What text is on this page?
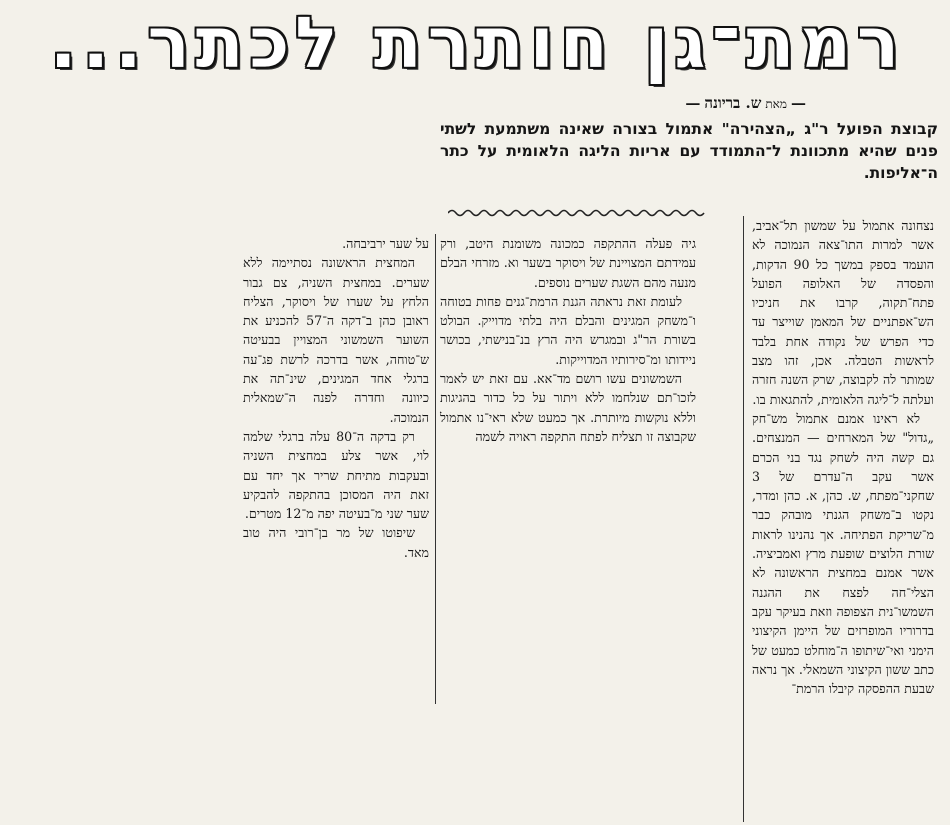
רמת־גן חותרת לכתר...
—מאתש. בריונה—

קבוצת הפועל ר"ג „הצהירה" אתמול בצורה שאינה משתמעת לשתי פנים שהיא מתכוונת ל־התמודד עם אריות הליגה הלאומית על כתר ה־אליפות.

נצחונה אתמול על שמשון תל־אביב, אשר למרות התו־צאה הנמוכה לא הועמד בספק במשך כל 90 הדקות, והפסדה של האלופה הפועל פתח־תקוה, קרבו את חניכיו הש־אפתניים של המאמן שוייצר עד כדי הפרש של נקודה אחת בלבד לראשות הטבלה. אכן, זהו מצב שמותר לה לקבוצה, שרק השנה חזרה ועלתה ל־ליגה הלאומית, להתגאות בו.

לא ראינו אמנם אתמול מש־חק „גדול" של המארחים — המנצחים. גם קשה היה לשחק נגד בני הכרם אשר עקב ה־עדרם של 3 שחקני־מפתח, ש. כהן, א. כהן ומדר, נקטו ב־משחק הגנתי מובהק כבר מ־שריקת הפתיחה. אך נהנינו לראות שורת הלוצים שופעת מרץ ואמביציה. אשר אמנם במחצית הראשונה לא הצלי־חה לפצח את ההגנה השמשו־נית הצפופה וזאת בעיקר עקב בדרוריו המופרזים של היימן הקיצוני הימני ואי־שיתופו ה־מוחלט כמעט של כתב ששון הקיצוני השמאלי. אך נראה שבעת ההפסקה קיבלו הרמת־

גיה פעלה ההתקפה כמכונה משומנת היטב, ורק עמידתם המצויינת של ויסוקר בשער וא. מזרחי הבלם מנעה מהם השגת שערים נוספים.

לעומת זאת נראתה הגנת הרמת־גנים פחות בטוחה ו־משחק המגינים והבלם היה בלתי מדוייק. הבולט בשורת הר"ג ובמגרש היה הרץ בנ־בנישתי, בכושר ניידותו ומ־סירותיו המדוייקות.

השמשונים עשו רושם מד־אא. עם זאת יש לאמר לזכו־תם שנלחמו ללא ויתור על כל כדור בהגיגות וללא נוקשות מיותרת. אך כמעט שלא ראי־נו אתמול שקבוצה זו תצליח לפתח התקפה ראויה לשמה

על שער ירביבחה.

המחצית הראשונה נסתיימה ללא שערים. במחצית השניה, צם גבור הלחץ על שערו של ויסוקר, הצליח ראובן כהן ב־דקה ה־57 להכניע את השוער השמשוני המצויין בבעיטה ש־טוחה, אשר בדרכה לרשת פג־עה ברגלי אחד המגינים, שינ־תה את כיוונה וחדרה לפנה ה־שמאלית הנמוכה.

רק בדקה ה־80 עלה ברגלי שלמה לוי, אשר צלע במחצית השניה ובעקבות מתיחת שריר אך יחד עם זאת היה המסוכן בהתקפה להבקיע שער שני מ־בעיטה יפה מ־12 מטרים.

שיפוטו של מר בן־רובי היה טוב מאד.
